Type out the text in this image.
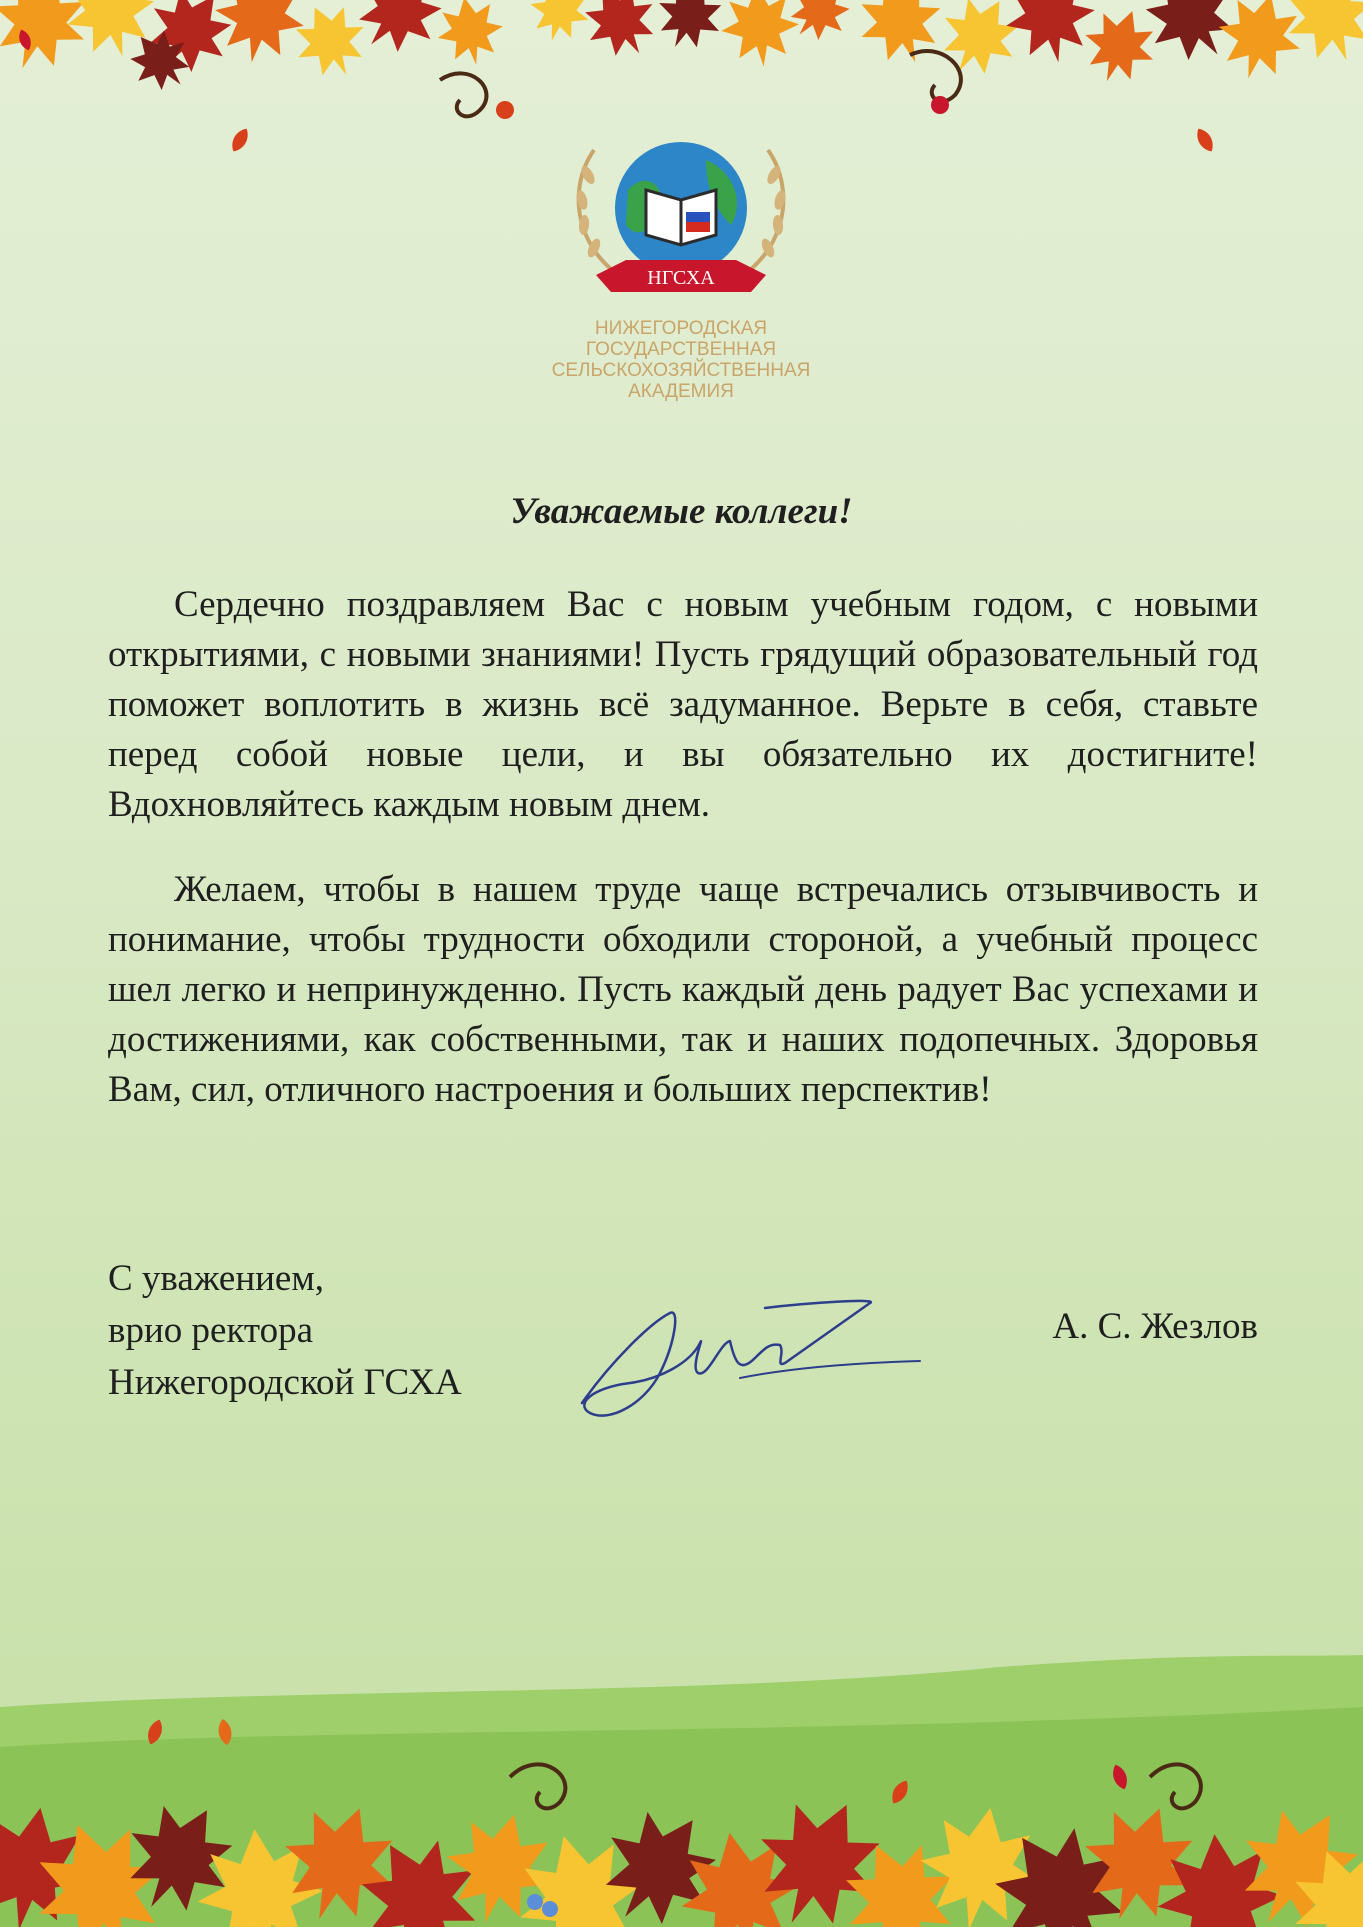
НГСХА
НИЖЕГОРОДСКАЯ
ГОСУДАРСТВЕННАЯ
СЕЛЬСКОХОЗЯЙСТВЕННАЯ
АКАДЕМИЯ
Уважаемые коллеги!

Сердечно поздравляем Вас с новым учебным годом, с новыми открытиями, с новыми знаниями! Пусть грядущий образовательный год поможет воплотить в жизнь всё задуманное. Верьте в себя, ставьте перед собой новые цели, и вы обязательно их достигните! Вдохновляйтесь каждым новым днем.

Желаем, чтобы в нашем труде чаще встречались отзывчивость и понимание, чтобы трудности обходили стороной, а учебный процесс шел легко и непринужденно. Пусть каждый день радует Вас успехами и достижениями, как собственными, так и наших подопечных. Здоровья Вам, сил, отличного настроения и больших перспектив!

С уважением,
врио ректора
Нижегородской ГСХА
А. С. Жезлов
